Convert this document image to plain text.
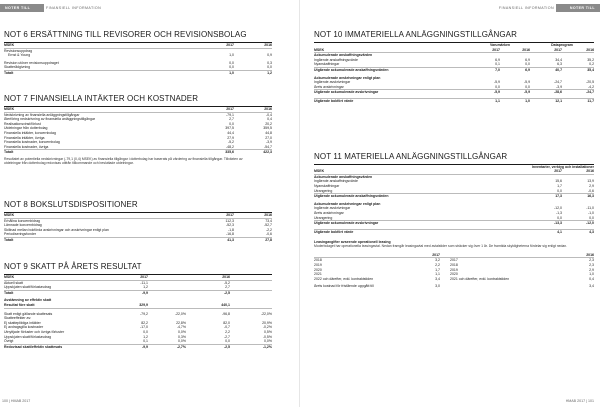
NOTER TILL AVSNITT
FINANSIELL INFORMATION
NOT 6 ERSÄTTNING TILL REVISORER OCH REVISIONSBOLAG
MSEK	2017	2016
Revisionsuppdrag		
Ernst & Young	1,0	0,9

Revision utöver revisionsuppdraget	0,0	0,3
Skatterådgivning	0,0	0,0
Totalt	1,0	1,2
NOT 7 FINANSIELLA INTÄKTER OCH KOSTNADER
MSEK	2017	2016
Nedskrivning av finansiella anläggningstillgångar	-79,1	-0,4
Återföring nedskrivning av finansiella anläggningstillgångar	2,7	0,4
Realisationsvinst/förlust	0,0	20,2
Utdelningar från dotterbolag	397,5	359,5
Finansiella intäkter, koncernbolag	44,4	44,8
Finansiella intäkter, övriga	27,9	27,0
Finansiella kostnader, koncernbolag	-5,2	-3,9
Finansiella kostnader, övriga	-48,2	-54,7
Totalt	335,6	422,3

Resultatet av potentiella nedskrivningar (-79,1 (0,4) MSEK) av finansiella tillgångar i dotterbolag har baserats på värdering av finansiella tillgångar. Tillväxten av utdelningar från dotterbolag redovisas utifrån tillkommande och besluttade utdelningar.

NOT 8 BOKSLUTSDISPOSITIONER
MSEK	2017	2016
Erhållna koncernbidrag	112,3	73,4
Lämnade koncernbidrag	-52,3	-52,7
Skillnad mellan bokförda avskrivningar och avskrivningar enligt plan	-1,8	-2,2
Periodiseringsfonder	-16,8	-0,6
Totalt	41,3	27,8
NOT 9 SKATT PÅ ÅRETS RESULTAT
MSEK	2017		2016	
Aktuell skatt	-11,1		-5,2	
Uppskjuten skatt/förlustavdrag	1,2		2,7	
Totalt	-9,9		-2,5	

Avstämning av effektiv skatt				
Resultat före skatt	329,9		440,1	

Skatt enligt gällande skattesats	-79,2	-22,0%	-96,8	-22,0%
Skatteeffekter av:				
Ej skattepliktiga intäkter	82,2	22,8%	82,0	20,9%
Ej avdragsgilla kostnader	-17,0	-4,7%	-0,7	-0,2%
Utnyttjade förluster och övriga förluster	0,0	0,0%	2,2	0,5%
Uppskjuten skatt/förlustavdrag	1,2	0,3%	-2,7	-0,5%
Övrigt	0,1	0,0%	0,0	0,0%
Redovisad skatt/effektiv skattesats	-9,9	-2,7%	-2,5	-1,2%
100 | HMAB 2017
FINANSIELL INFORMATION	NOTER TILL AVSNITT
NOT 10 IMMATERIELLA ANLÄGGNINGSTILLGÅNGAR
	Varumärken		Dataprogram	
MSEK	2017	2016	2017	2016
Ackumulerade anskaffningsvärden				
Ingående anskaffningsvärde	6,9	6,9	34,4	35,2
Nyanskaffningar	0,1	0,0	6,3	0,2
Utgående ackumulerade anskaffningsvärden	7,0	6,9	40,7	35,4

Ackumulerade avskrivningar enligt plan				
Ingående avskrivningar	-5,9	-5,9	-24,7	-20,5
Årets avskrivningar	0,0	0,0	-3,9	-4,2
Utgående ackumulerade avskrivningar	-5,9	-5,9	-28,6	-24,7

Utgående bokfört värde	1,1	1,0	12,1	11,7
NOT 11 MATERIELLA ANLÄGGNINGSTILLGÅNGAR
	Inventarier, verktyg och installationer	
MSEK	2017	2016
Ackumulerade anskaffningsvärden		
Ingående anskaffningsvärde	15,6	13,9
Nyanskaffningar	1,7	2,9
Utrangering	0,0	-0,6
Utgående ackumulerade anskaffningsvärden	17,3	16,3

Ackumulerade avskrivningar enligt plan		
Ingående avskrivningar	-12,0	-11,0
Årets avskrivningar	-1,3	-1,0
Utrangering	0,0	0,0
Utgående ackumulerade avskrivningar	-13,3	-12,0

Utgående bokfört värde	4,1	4,3
Leasingavgifter avseende operationell leasing
Moderbolaget har operationella leasingavtal. Nedan framgår leasingavtal med avtalstider som sträcker sig över 1 år. De framtida skyldigheterna fördelar sig enligt nedan.
	2017		2016
2018	3,2	2017	2,3
2019	2,2	2018	2,3
2020	1,7	2019	2,9
2021	1,1	2020	1,0
2022 och därefter, exkl. kontraktstiden	3,4	2021 och därefter, exkl. kontraktstiden	0,4

Årets kostnad för fristående uppgått till	3,0		3,4
HMAB 2017 | 101
